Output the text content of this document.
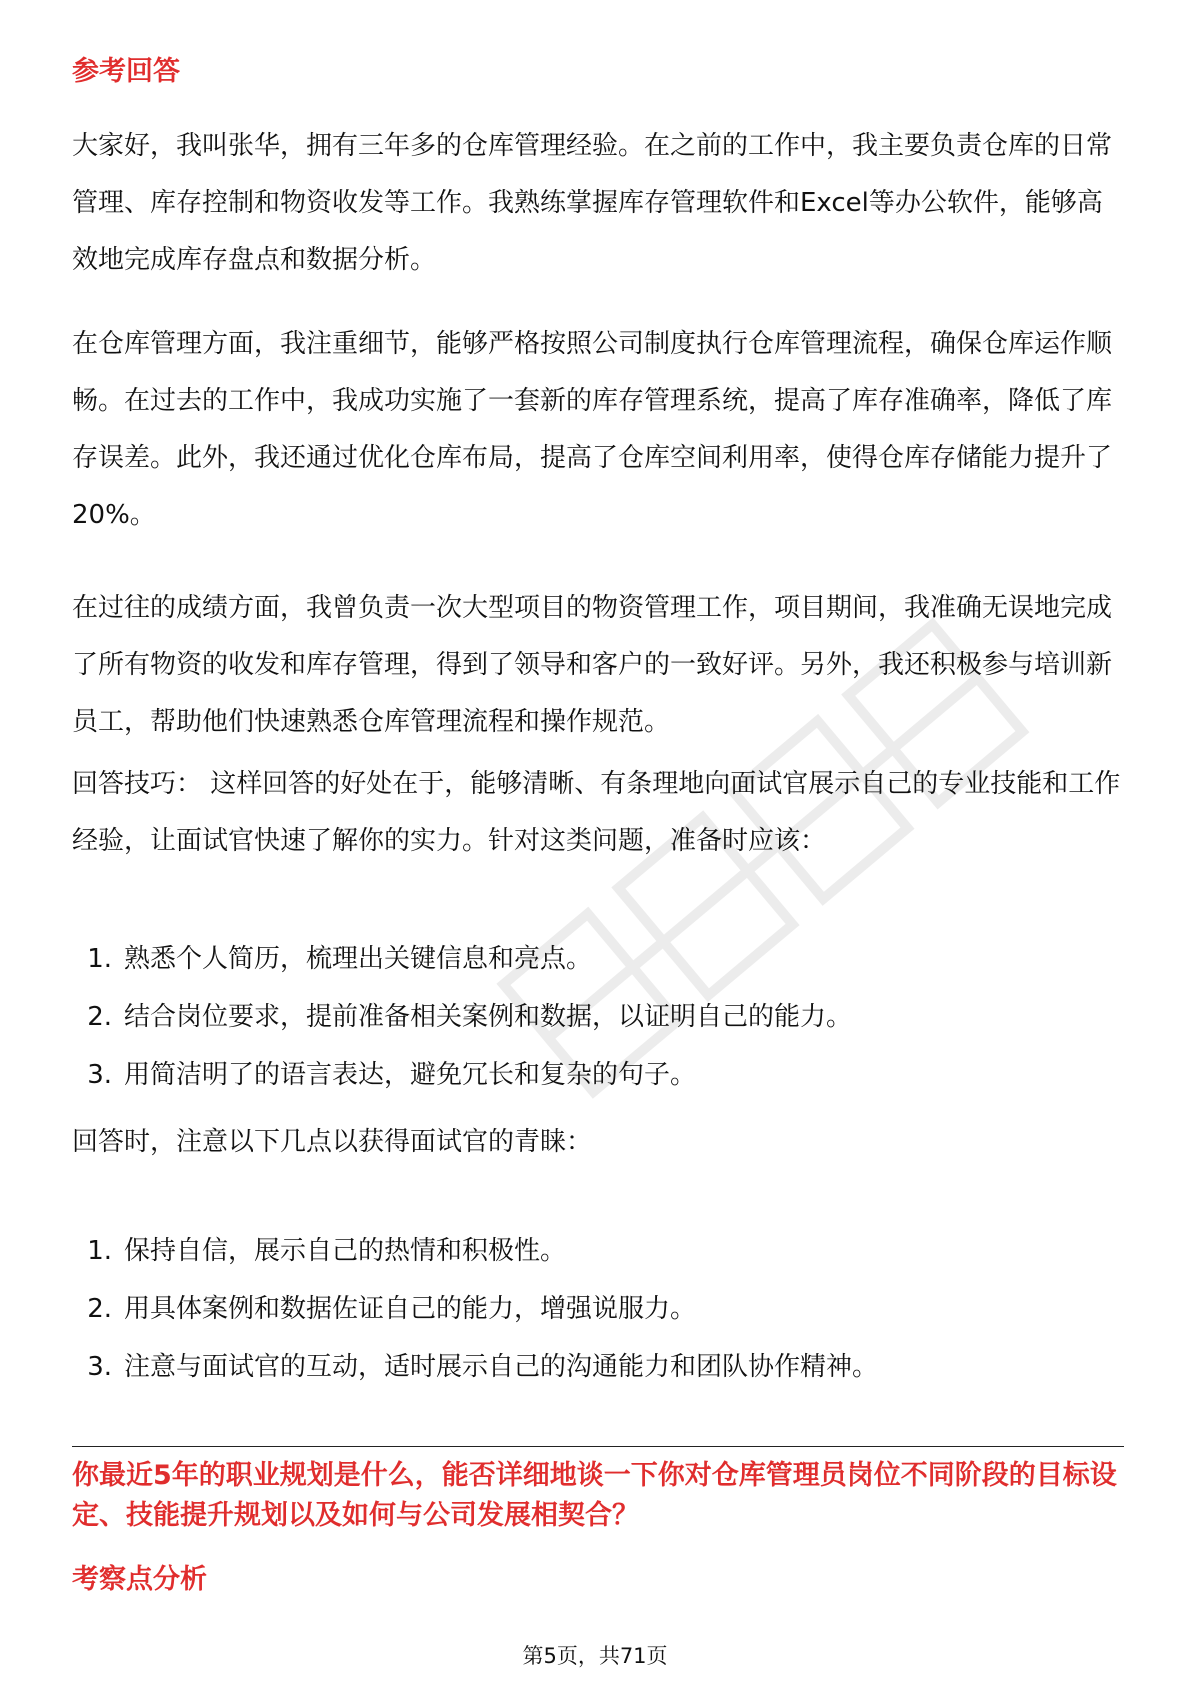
参考回答

大家好，我叫张华，拥有三年多的仓库管理经验。在之前的工作中，我主要负责仓库的日常管理、库存控制和物资收发等工作。我熟练掌握库存管理软件和Excel等办公软件，能够高效地完成库存盘点和数据分析。

在仓库管理方面，我注重细节，能够严格按照公司制度执行仓库管理流程，确保仓库运作顺畅。在过去的工作中，我成功实施了一套新的库存管理系统，提高了库存准确率，降低了库存误差。此外，我还通过优化仓库布局，提高了仓库空间利用率，使得仓库存储能力提升了20%。

在过往的成绩方面，我曾负责一次大型项目的物资管理工作，项目期间，我准确无误地完成了所有物资的收发和库存管理，得到了领导和客户的一致好评。另外，我还积极参与培训新员工，帮助他们快速熟悉仓库管理流程和操作规范。

回答技巧： 这样回答的好处在于，能够清晰、有条理地向面试官展示自己的专业技能和工作经验，让面试官快速了解你的实力。针对这类问题，准备时应该：

1. 熟悉个人简历，梳理出关键信息和亮点。
2. 结合岗位要求，提前准备相关案例和数据，以证明自己的能力。
3. 用简洁明了的语言表达，避免冗长和复杂的句子。

回答时，注意以下几点以获得面试官的青睐：

1. 保持自信，展示自己的热情和积极性。
2. 用具体案例和数据佐证自己的能力，增强说服力。
3. 注意与面试官的互动，适时展示自己的沟通能力和团队协作精神。
你最近5年的职业规划是什么，能否详细地谈一下你对仓库管理员岗位不同阶段的目标设定、技能提升规划以及如何与公司发展相契合？
考察点分析
第5页，共71页
